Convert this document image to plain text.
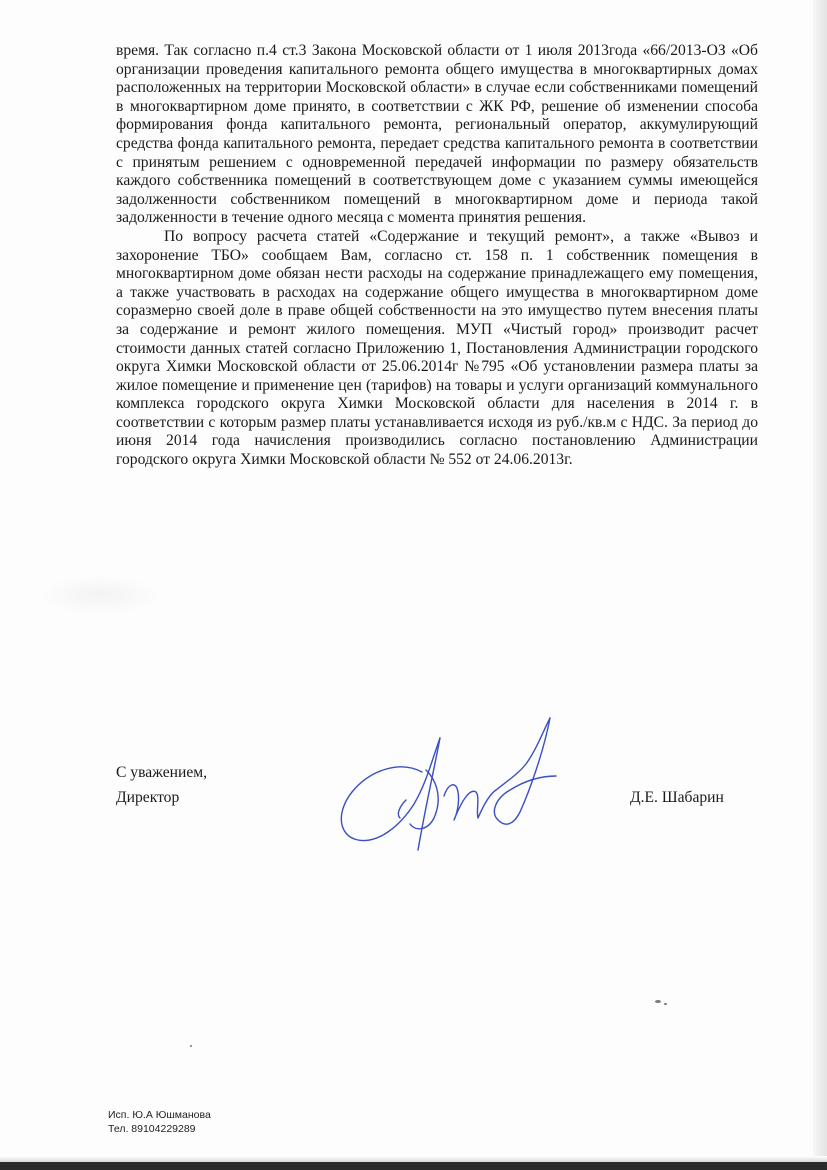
время. Так согласно п.4 ст.3 Закона Московской области от 1 июля 2013года «66/2013-ОЗ «Об организации проведения капитального ремонта общего имущества в многоквартирных домах расположенных на территории Московской области» в случае если собственниками помещений в многоквартирном доме принято, в соответствии с ЖК РФ, решение об изменении способа формирования фонда капитального ремонта, региональный оператор, аккумулирующий средства фонда капитального ремонта, передает средства капитального ремонта в соответствии с принятым решением с одновременной передачей информации по размеру обязательств каждого собственника помещений в соответствующем доме с указанием суммы имеющейся задолженности собственником помещений в многоквартирном доме и периода такой задолженности в течение одного месяца с момента принятия решения.

По вопросу расчета статей «Содержание и текущий ремонт», а также «Вывоз и захоронение ТБО» сообщаем Вам, согласно ст. 158 п. 1 собственник помещения в многоквартирном доме обязан нести расходы на содержание принадлежащего ему помещения, а также участвовать в расходах на содержание общего имущества в многоквартирном доме соразмерно своей доле в праве общей собственности на это имущество путем внесения платы за содержание и ремонт жилого помещения. МУП «Чистый город» производит расчет стоимости данных статей согласно Приложению 1, Постановления Администрации городского округа Химки Московской области от 25.06.2014г №795 «Об установлении размера платы за жилое помещение и применение цен (тарифов) на товары и услуги организаций коммунального комплекса городского округа Химки Московской области для населения в 2014 г. в соответствии с которым размер платы устанавливается исходя из руб./кв.м с НДС. За период до июня 2014 года начисления производились согласно постановлению Администрации городского округа Химки Московской области № 552 от 24.06.2013г.

С уважением,
Директор	Д.Е. Шабарин
Исп. Ю.А Юшманова
Тел. 89104229289
